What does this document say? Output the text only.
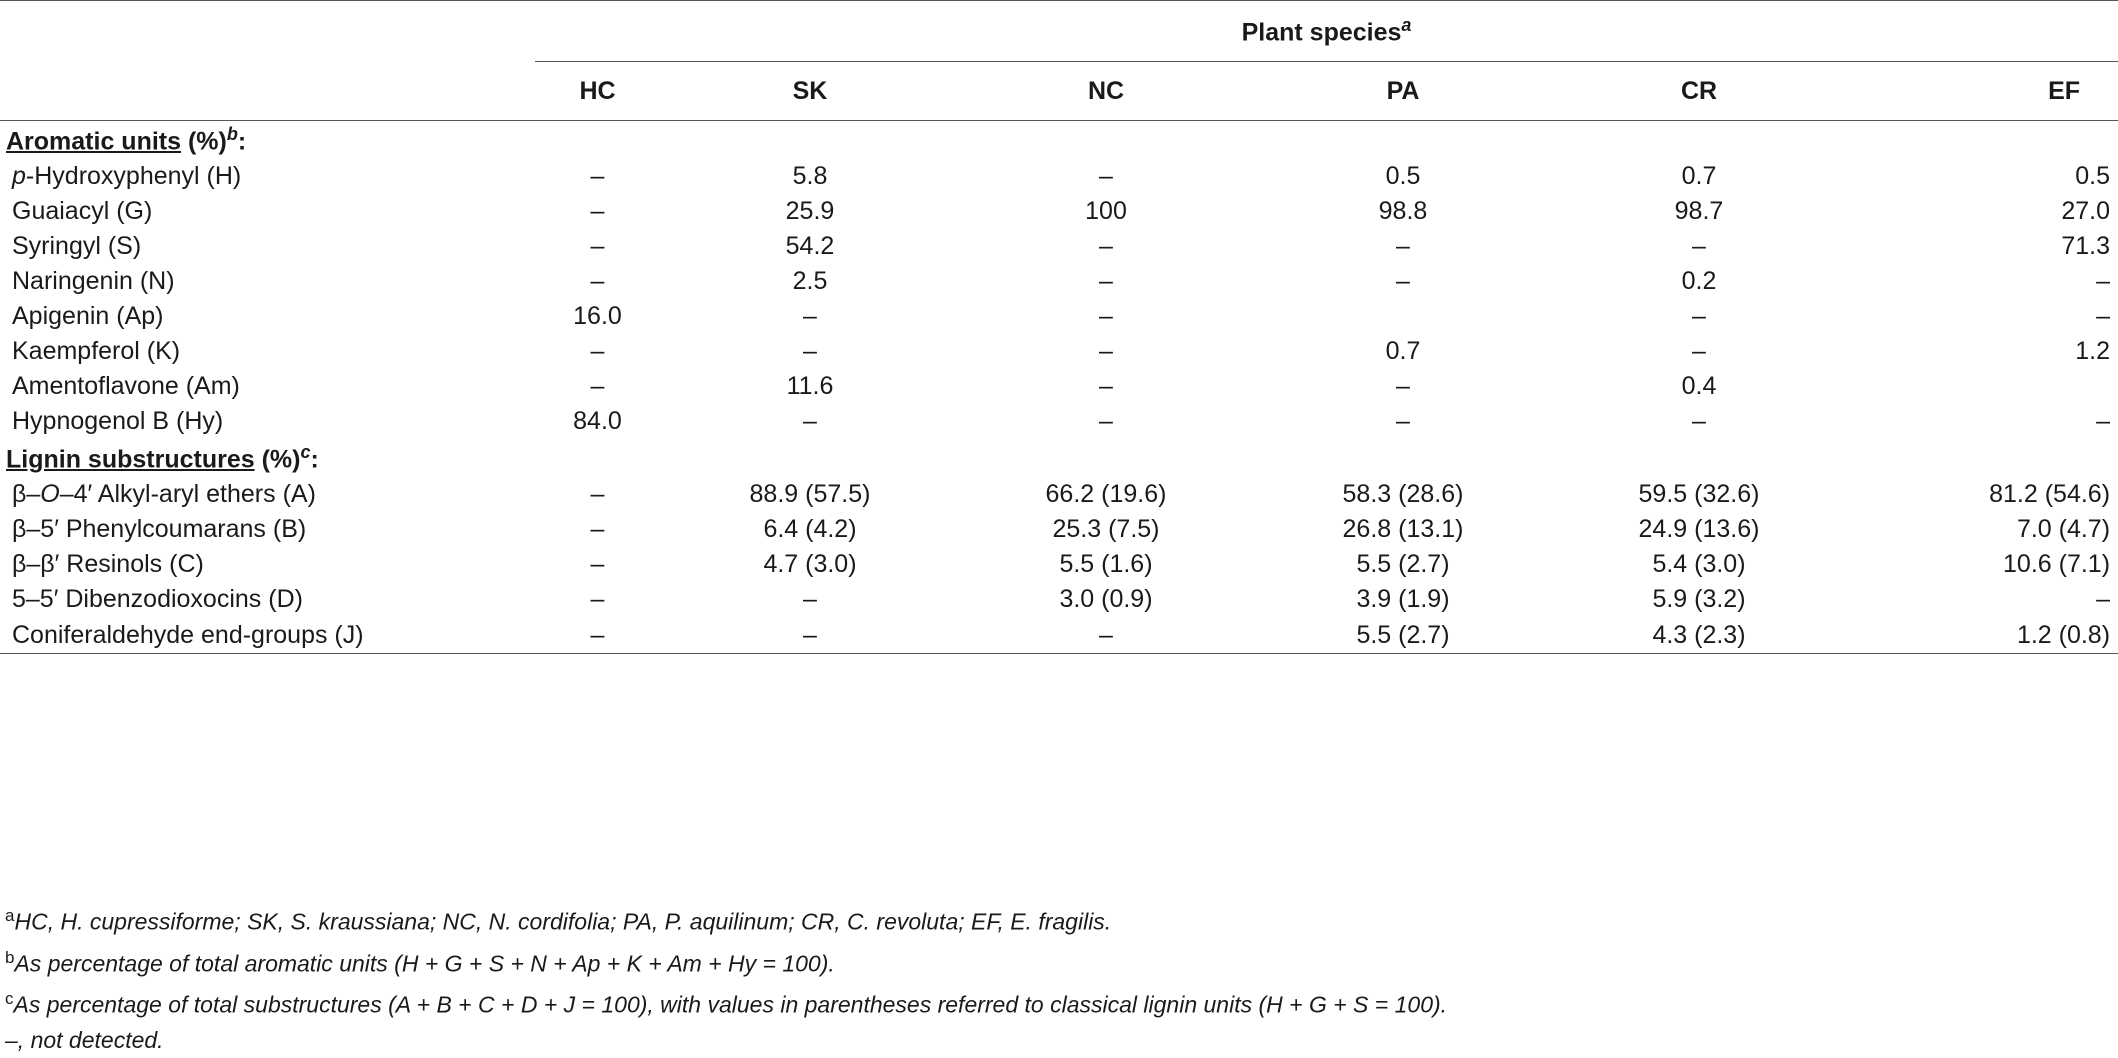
	Plant species$^a$
	HC	SK	NC	PA	CR	EF
Aromatic units (%)$^b$:						
p-Hydroxyphenyl (H)	–	5.8	–	0.5	0.7	0.5
Guaiacyl (G)	–	25.9	100	98.8	98.7	27.0
Syringyl (S)	–	54.2	–	–	–	71.3
Naringenin (N)	–	2.5	–	–	0.2	–
Apigenin (Ap)	16.0	–	–		–	–
Kaempferol (K)	–	–	–	0.7	–	1.2
Amentoflavone (Am)	–	11.6	–	–	0.4	
Hypnogenol B (Hy)	84.0	–	–	–	–	–
Lignin substructures (%)$^c$:						
β–O–4′ Alkyl-aryl ethers (A)	–	88.9 (57.5)	66.2 (19.6)	58.3 (28.6)	59.5 (32.6)	81.2 (54.6)
β–5′ Phenylcoumarans (B)	–	6.4 (4.2)	25.3 (7.5)	26.8 (13.1)	24.9 (13.6)	7.0 (4.7)
β–β′ Resinols (C)	–	4.7 (3.0)	5.5 (1.6)	5.5 (2.7)	5.4 (3.0)	10.6 (7.1)
5–5′ Dibenzodioxocins (D)	–	–	3.0 (0.9)	3.9 (1.9)	5.9 (3.2)	–
Coniferaldehyde end-groups (J)	–	–	–	5.5 (2.7)	4.3 (2.3)	1.2 (0.8)
$^a$HC, H. cupressiforme; SK, S. kraussiana; NC, N. cordifolia; PA, P. aquilinum; CR, C. revoluta; EF, E. fragilis.
$^b$As percentage of total aromatic units (H + G + S + N + Ap + K + Am + Hy = 100).
$^c$As percentage of total substructures (A + B + C + D + J = 100), with values in parentheses referred to classical lignin units (H + G + S = 100).
–, not detected.
